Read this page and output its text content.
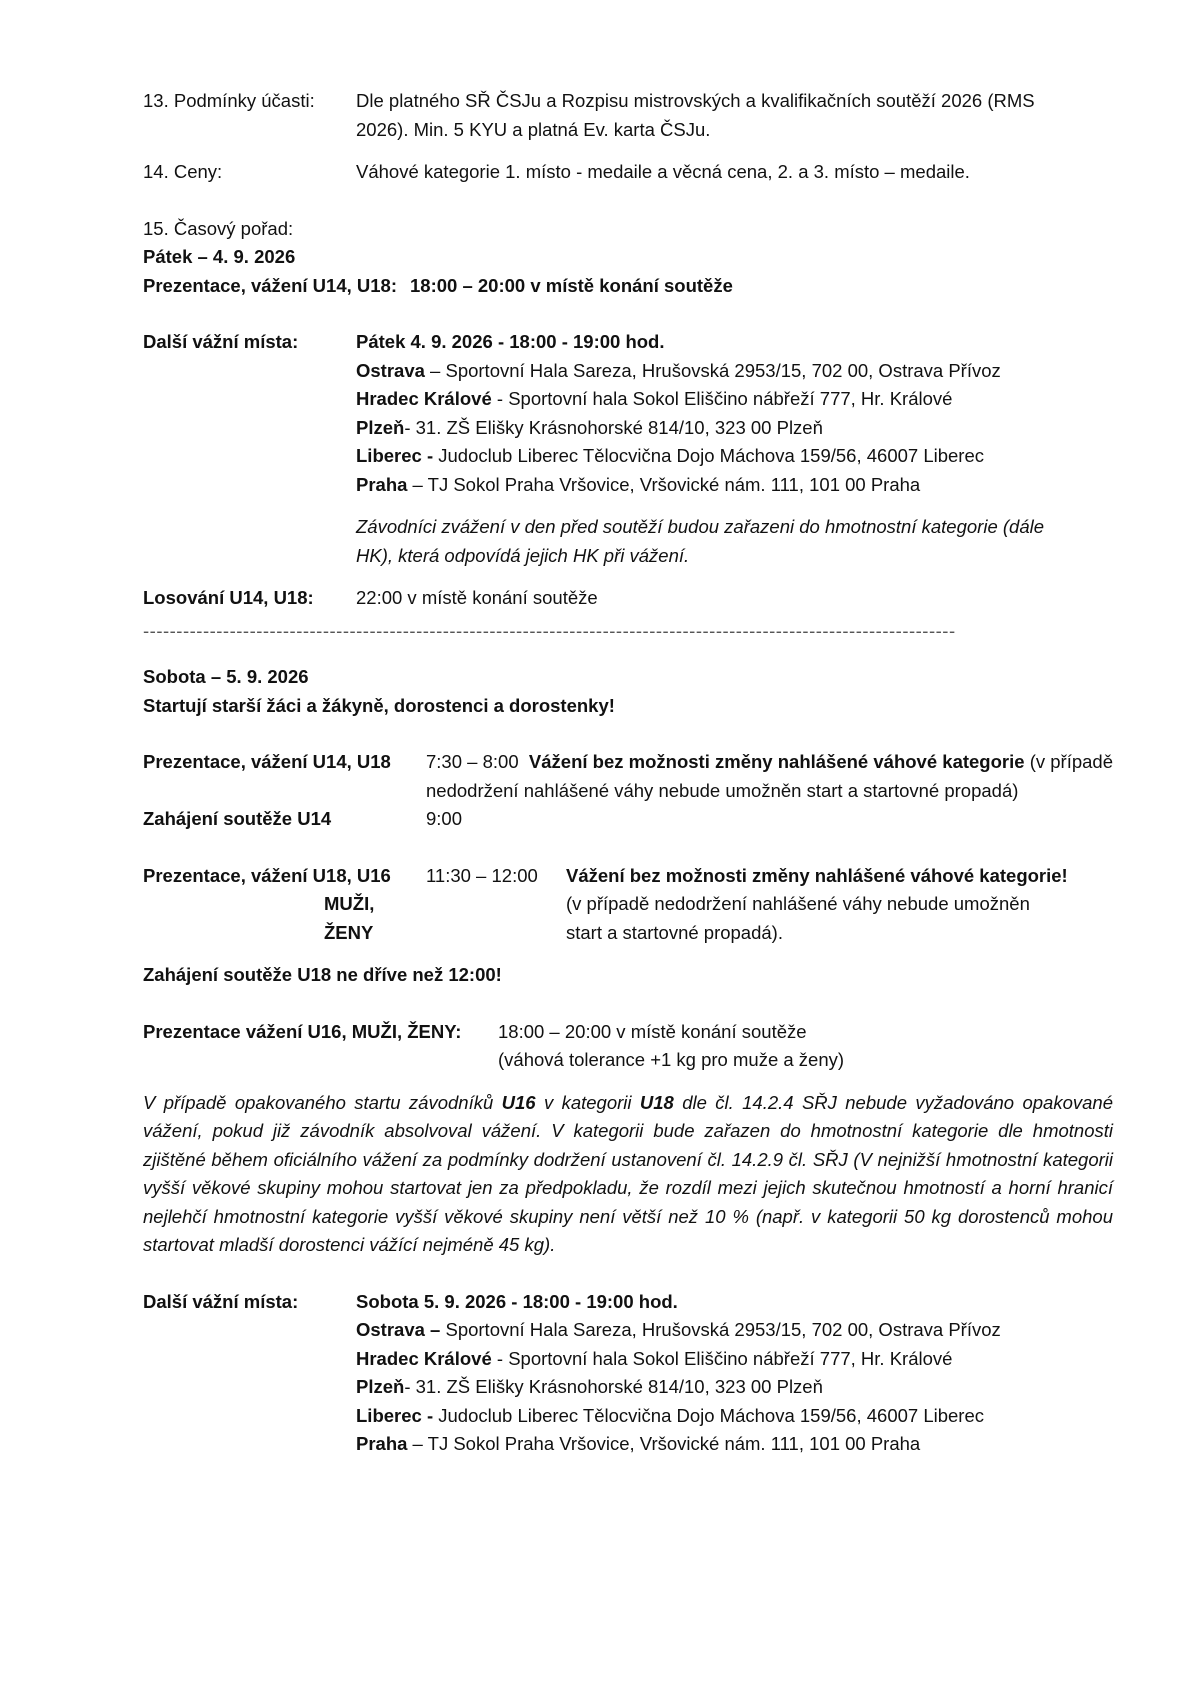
13. Podmínky účasti:	Dle platného SŘ ČSJu a Rozpisu mistrovských a kvalifikačních soutěží 2026 (RMS
2026). Min. 5 KYU a platná Ev. karta ČSJu.
14. Ceny:	Váhové kategorie 1. místo - medaile a věcná cena, 2. a 3. místo – medaile.
15. Časový pořad:
Pátek – 4. 9. 2026
Prezentace, vážení U14, U18: 18:00 – 20:00 v místě konání soutěže
Další vážní místa:	Pátek 4. 9. 2026 - 18:00 - 19:00 hod.
Ostrava – Sportovní Hala Sareza, Hrušovská 2953/15, 702 00, Ostrava Přívoz
Hradec Králové - Sportovní hala Sokol Eliščino nábřeží 777, Hr. Králové
Plzeň- 31. ZŠ Elišky Krásnohorské 814/10, 323 00 Plzeň
Liberec - Judoclub Liberec Tělocvična Dojo Máchova 159/56, 46007 Liberec
Praha – TJ Sokol Praha Vršovice, Vršovické nám. 111, 101 00 Praha
Závodníci zvážení v den před soutěží budou zařazeni do hmotnostní kategorie (dále
HK), která odpovídá jejich HK při vážení.
Losování U14, U18:	22:00 v místě konání soutěže
--------------------------------------------------------------------------------------------------------------------------
Sobota – 5. 9. 2026
Startují starší žáci a žákyně, dorostenci a dorostenky!
Prezentace, vážení U14, U18	7:30 – 8:00 Vážení bez možnosti změny nahlášené váhové kategorie (v případě nedodržení nahlášené váhy nebude umožněn start a startovné propadá)
Zahájení soutěže U14	9:00
Prezentace, vážení U18, U16
MUŽI, ŽENY
11:30 – 12:00	Vážení bez možnosti změny nahlášené váhové kategorie!
(v případě nedodržení nahlášené váhy nebude umožněn
start a startovné propadá).
Zahájení soutěže U18 ne dříve než 12:00!
Prezentace vážení U16, MUŽI, ŽENY:	18:00 – 20:00 v místě konání soutěže
(váhová tolerance +1 kg pro muže a ženy)
V případě opakovaného startu závodníků U16 v kategorii U18 dle čl. 14.2.4 SŘJ nebude vyžadováno opakované vážení, pokud již závodník absolvoval vážení. V kategorii bude zařazen do hmotnostní kategorie dle hmotnosti zjištěné během oficiálního vážení za podmínky dodržení ustanovení čl. 14.2.9 čl. SŘJ (V nejnižší hmotnostní kategorii vyšší věkové skupiny mohou startovat jen za předpokladu, že rozdíl mezi jejich skutečnou hmotností a horní hranicí nejlehčí hmotnostní kategorie vyšší věkové skupiny není větší než 10 % (např. v kategorii 50 kg dorostenců mohou startovat mladší dorostenci vážící nejméně 45 kg).
Další vážní místa:	Sobota 5. 9. 2026 - 18:00 - 19:00 hod.
Ostrava – Sportovní Hala Sareza, Hrušovská 2953/15, 702 00, Ostrava Přívoz
Hradec Králové - Sportovní hala Sokol Eliščino nábřeží 777, Hr. Králové
Plzeň- 31. ZŠ Elišky Krásnohorské 814/10, 323 00 Plzeň
Liberec - Judoclub Liberec Tělocvična Dojo Máchova 159/56, 46007 Liberec
Praha – TJ Sokol Praha Vršovice, Vršovické nám. 111, 101 00 Praha
